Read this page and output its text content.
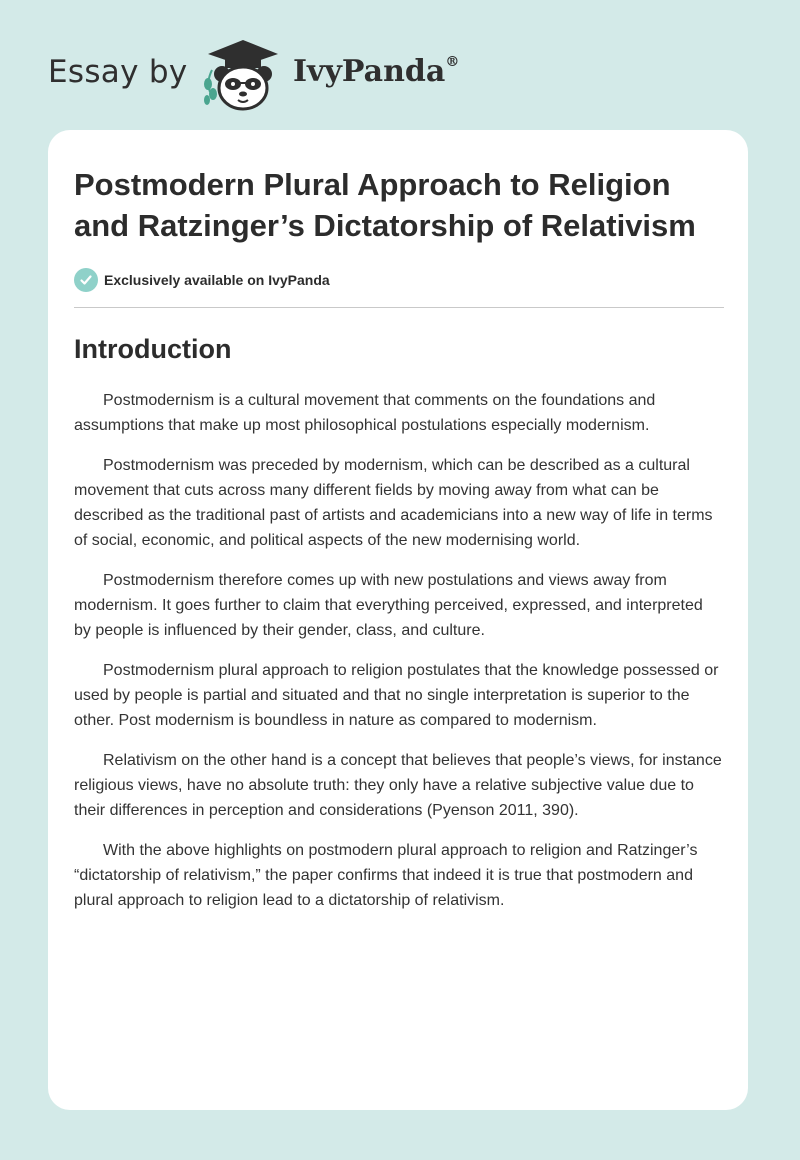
Essay by	IvyPanda®
Postmodern Plural Approach to Religion and Ratzinger’s Dictatorship of Relativism
Exclusively available on IvyPanda
Introduction

Postmodernism is a cultural movement that comments on the foundations and assumptions that make up most philosophical postulations especially modernism.

Postmodernism was preceded by modernism, which can be described as a cultural movement that cuts across many different fields by moving away from what can be described as the traditional past of artists and academicians into a new way of life in terms of social, economic, and political aspects of the new modernising world.

Postmodernism therefore comes up with new postulations and views away from modernism. It goes further to claim that everything perceived, expressed, and interpreted by people is influenced by their gender, class, and culture.

Postmodernism plural approach to religion postulates that the knowledge possessed or used by people is partial and situated and that no single interpretation is superior to the other. Post modernism is boundless in nature as compared to modernism.

Relativism on the other hand is a concept that believes that people’s views, for instance religious views, have no absolute truth: they only have a relative subjective value due to their differences in perception and considerations (Pyenson 2011, 390).

With the above highlights on postmodern plural approach to religion and Ratzinger’s “dictatorship of relativism,” the paper confirms that indeed it is true that postmodern and plural approach to religion lead to a dictatorship of relativism.
